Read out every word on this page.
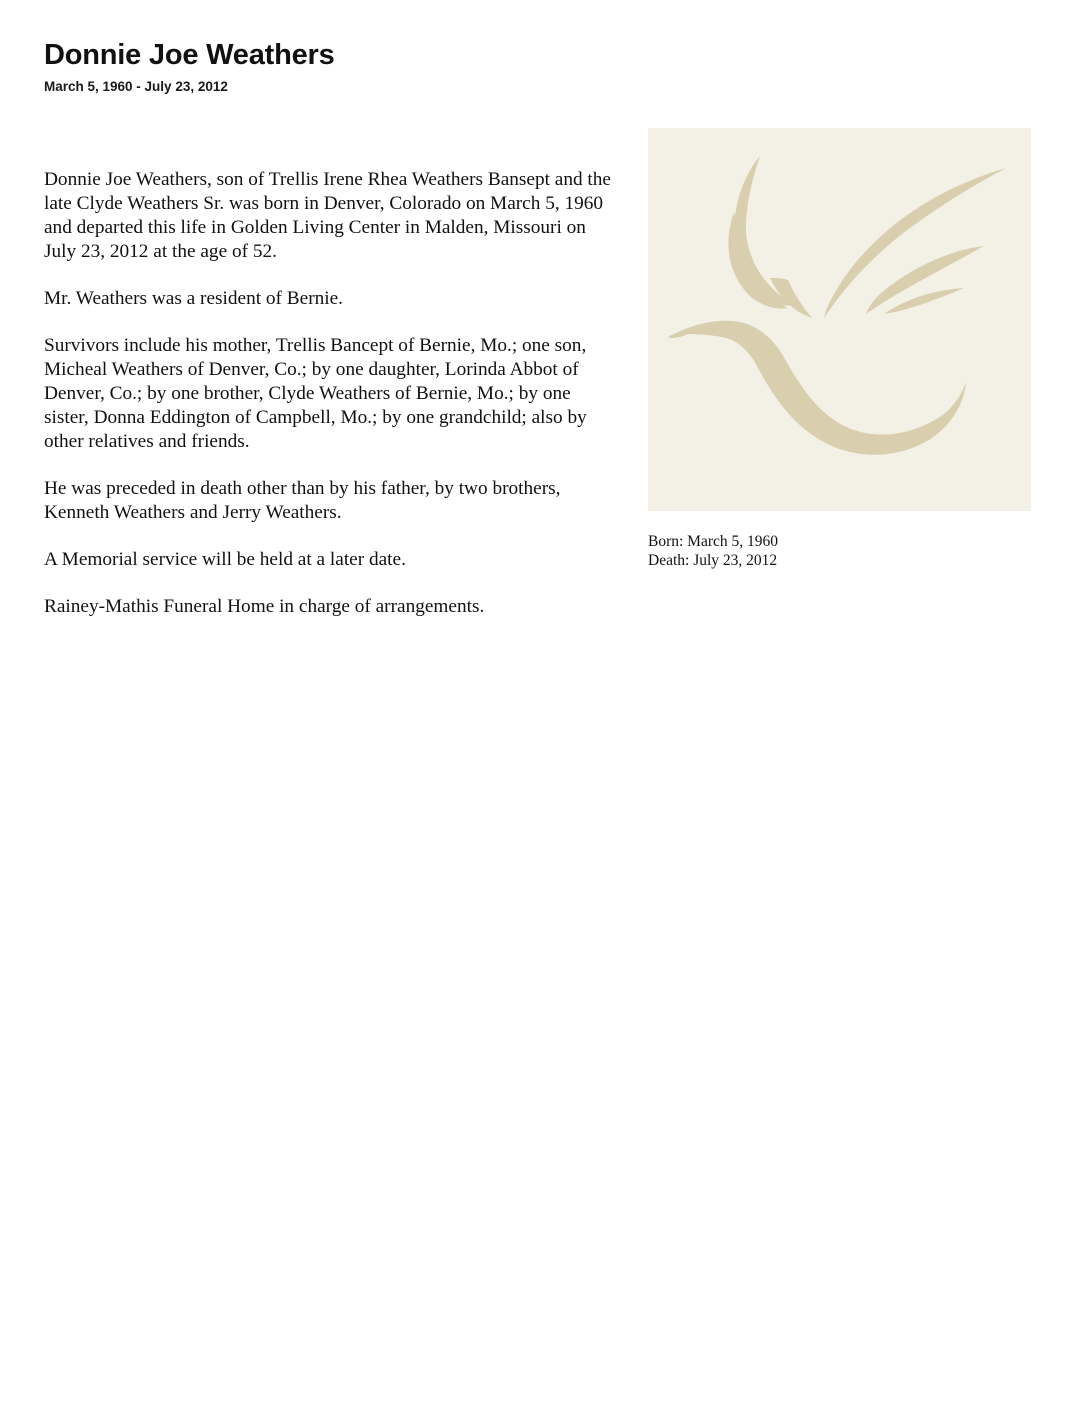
Donnie Joe Weathers
March 5, 1960 - July 23, 2012

Donnie Joe Weathers, son of Trellis Irene Rhea Weathers Bansept and the late Clyde Weathers Sr. was born in Denver, Colorado on March 5, 1960 and departed this life in Golden Living Center in Malden, Missouri on July 23, 2012 at the age of 52.

Mr. Weathers was a resident of Bernie.

Survivors include his mother, Trellis Bancept of Bernie, Mo.; one son, Micheal Weathers of Denver, Co.; by one daughter, Lorinda Abbot of Denver, Co.; by one brother, Clyde Weathers of Bernie, Mo.; by one sister, Donna Eddington of Campbell, Mo.; by one grandchild; also by other relatives and friends.

He was preceded in death other than by his father, by two brothers, Kenneth Weathers and Jerry Weathers.

A Memorial service will be held at a later date.

Rainey-Mathis Funeral Home in charge of arrangements.

Born: March 5, 1960
Death: July 23, 2012
